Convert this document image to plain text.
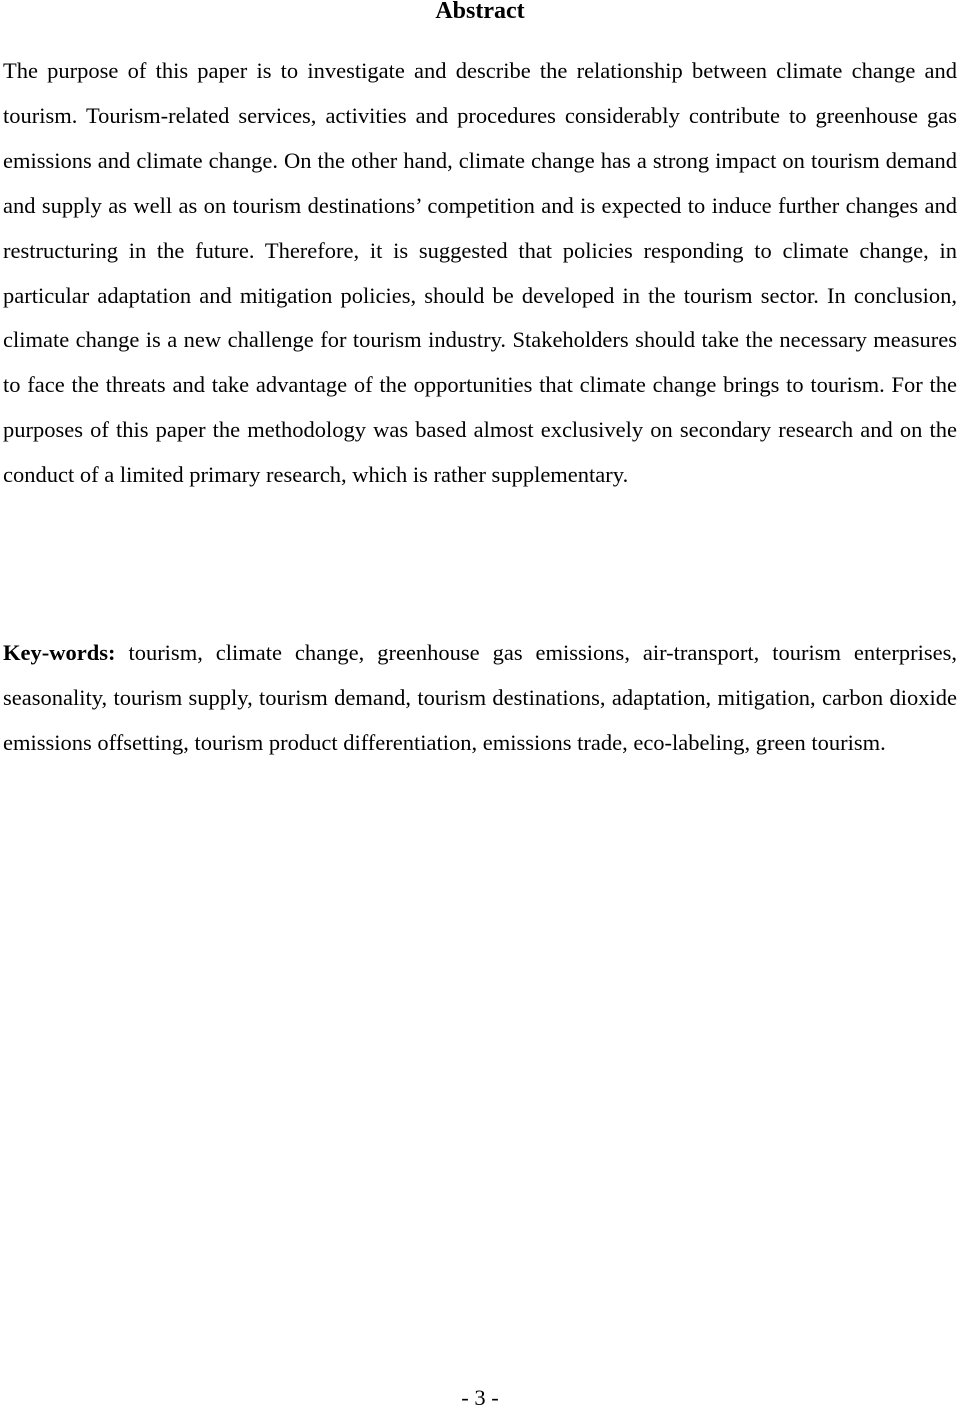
Abstract

The purpose of this paper is to investigate and describe the relationship between climate change and tourism. Tourism-related services, activities and procedures considerably contribute to greenhouse gas emissions and climate change. On the other hand, climate change has a strong impact on tourism demand and supply as well as on tourism destinations’ competition and is expected to induce further changes and restructuring in the future. Therefore, it is suggested that policies responding to climate change, in particular adaptation and mitigation policies, should be developed in the tourism sector. In conclusion, climate change is a new challenge for tourism industry. Stakeholders should take the necessary measures to face the threats and take advantage of the opportunities that climate change brings to tourism. For the purposes of this paper the methodology was based almost exclusively on secondary research and on the conduct of a limited primary research, which is rather supplementary.

Key-words: tourism, climate change, greenhouse gas emissions, air-transport, tourism enterprises, seasonality, tourism supply, tourism demand, tourism destinations, adaptation, mitigation, carbon dioxide emissions offsetting, tourism product differentiation, emissions trade, eco-labeling, green tourism.

- 3 -
